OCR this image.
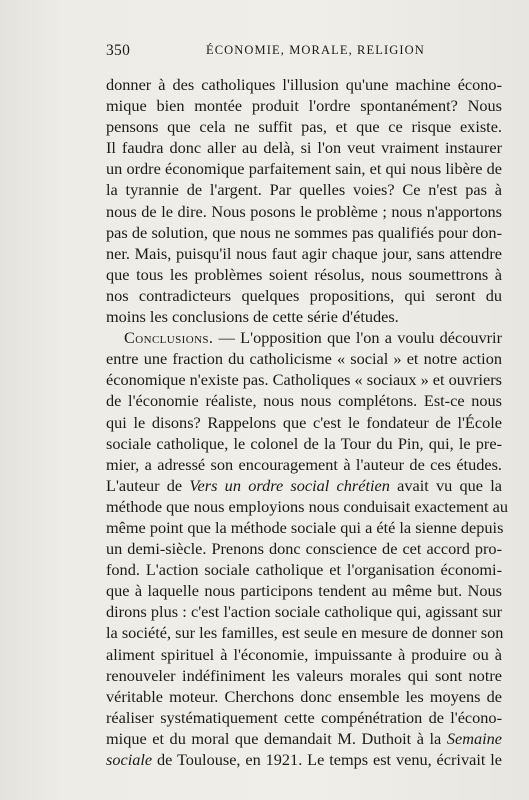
350	ÉCONOMIE, MORALE, RELIGION
donner à des catholiques l'illusion qu'une machine écono-
mique bien montée produit l'ordre spontanément? Nous
pensons que cela ne suffit pas, et que ce risque existe.
Il faudra donc aller au delà, si l'on veut vraiment instaurer
un ordre économique parfaitement sain, et qui nous libère de
la tyrannie de l'argent. Par quelles voies? Ce n'est pas à
nous de le dire. Nous posons le problème ; nous n'apportons
pas de solution, que nous ne sommes pas qualifiés pour don-
ner. Mais, puisqu'il nous faut agir chaque jour, sans attendre
que tous les problèmes soient résolus, nous soumettrons à
nos contradicteurs quelques propositions, qui seront du
moins les conclusions de cette série d'études.
Conclusions. — L'opposition que l'on a voulu découvrir
entre une fraction du catholicisme « social » et notre action
économique n'existe pas. Catholiques « sociaux » et ouvriers
de l'économie réaliste, nous nous complétons. Est-ce nous
qui le disons? Rappelons que c'est le fondateur de l'École
sociale catholique, le colonel de la Tour du Pin, qui, le pre-
mier, a adressé son encouragement à l'auteur de ces études.
L'auteur de Vers un ordre social chrétien avait vu que la
méthode que nous employions nous conduisait exactement au
même point que la méthode sociale qui a été la sienne depuis
un demi-siècle. Prenons donc conscience de cet accord pro-
fond. L'action sociale catholique et l'organisation économi-
que à laquelle nous participons tendent au même but. Nous
dirons plus : c'est l'action sociale catholique qui, agissant sur
la société, sur les familles, est seule en mesure de donner son
aliment spirituel à l'économie, impuissante à produire ou à
renouveler indéfiniment les valeurs morales qui sont notre
véritable moteur. Cherchons donc ensemble les moyens de
réaliser systématiquement cette compénétration de l'écono-
mique et du moral que demandait M. Duthoit à la Semaine
sociale de Toulouse, en 1921. Le temps est venu, écrivait le
